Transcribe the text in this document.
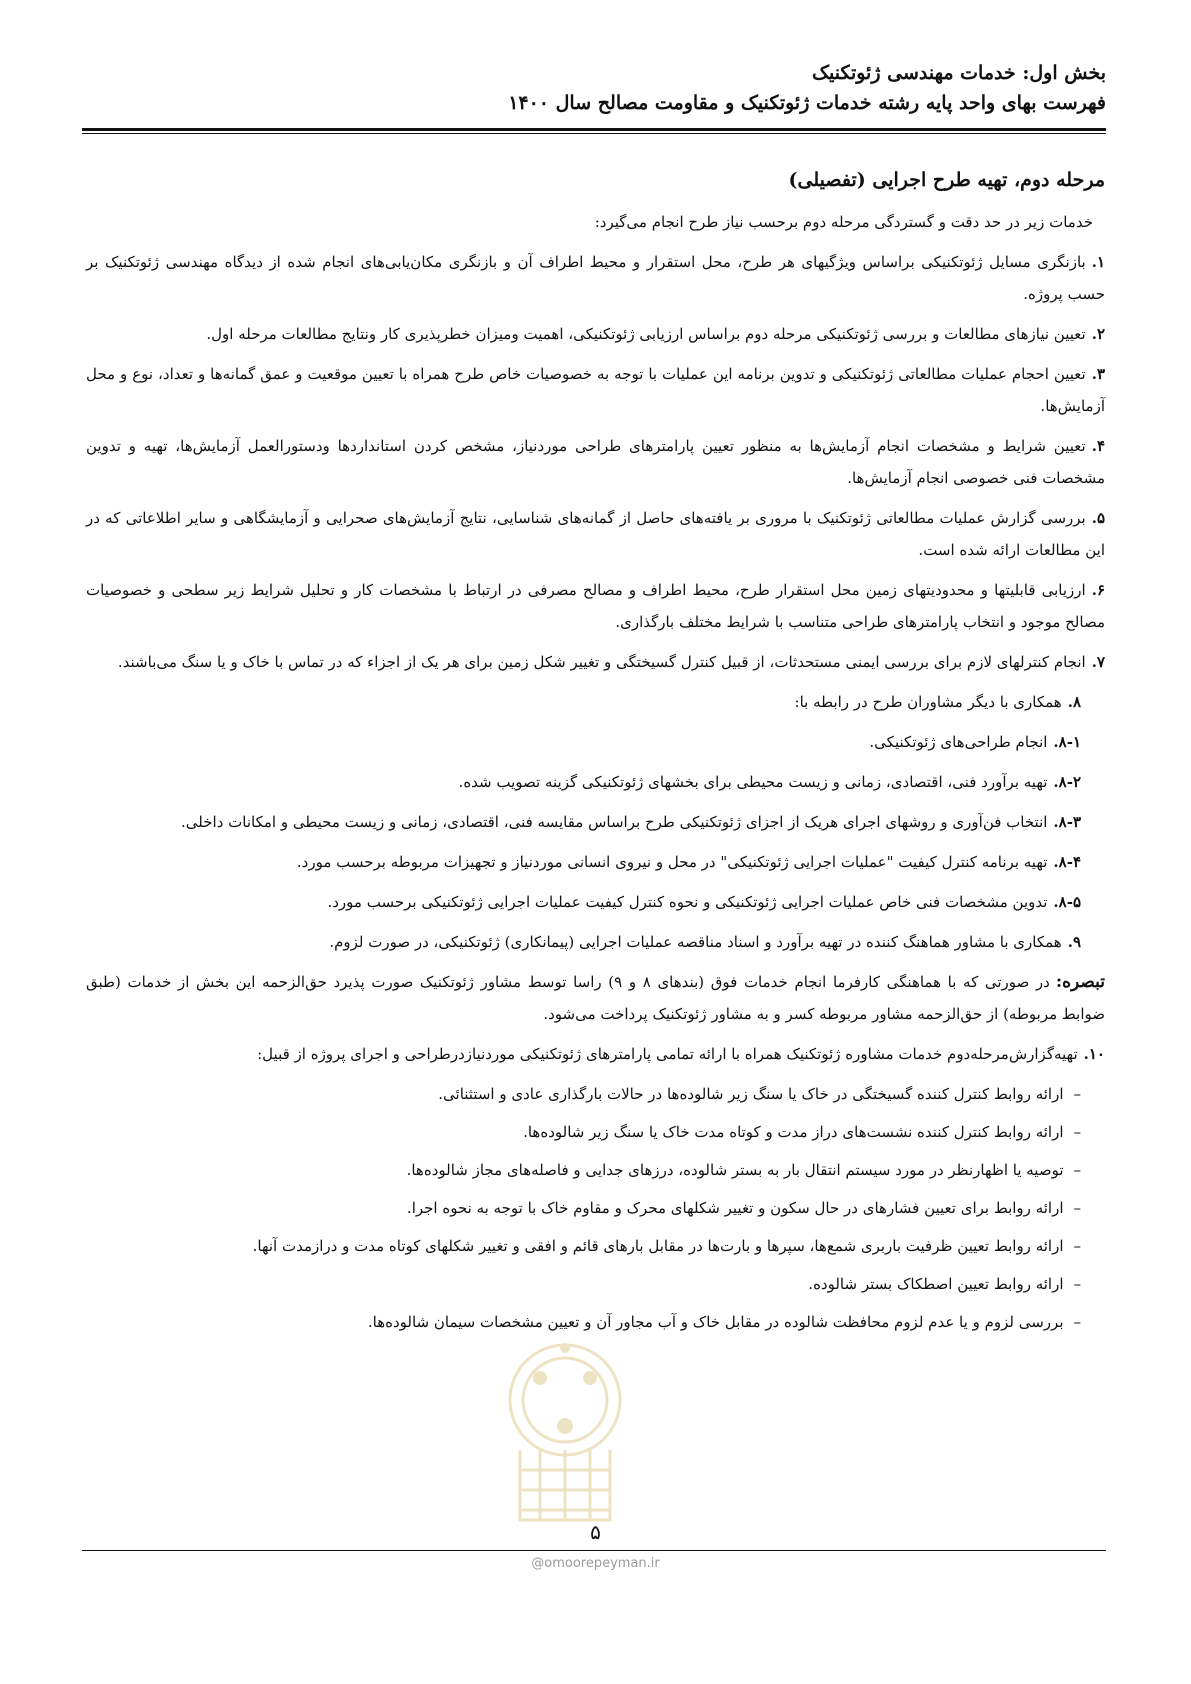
بخش اول: خدمات مهندسی ژئوتکنیک
فهرست بهای واحد پایه رشته خدمات ژئوتکنیک و مقاومت مصالح سال ۱۴۰۰
مرحله دوم، تهیه طرح اجرایی (تفصیلی)

خدمات زیر در حد دقت و گستردگی مرحله دوم برحسب نیاز طرح انجام می‌گیرد:

۱.بازنگری مسایل ژئوتکنیکی براساس ویژگیهای هر طرح، محل استقرار و محیط اطراف آن و بازنگری مکان‌یابی‌های انجام شده از دیدگاه مهندسی ژئوتکنیک بر حسب پروژه.

۲.تعیین نیازهای مطالعات و بررسی ژئوتکنیکی مرحله دوم براساس ارزیابی ژئوتکنیکی، اهمیت ومیزان خطرپذیری کار ونتایج مطالعات مرحله اول.

۳.تعیین احجام عملیات مطالعاتی ژئوتکنیکی و تدوین برنامه این عملیات با توجه به خصوصیات خاص طرح همراه با تعیین موقعیت و عمق گمانه‌ها و تعداد، نوع و محل آزمایش‌ها.

۴.تعیین شرایط و مشخصات انجام آزمایش‌ها به منظور تعیین پارامترهای طراحی موردنیاز، مشخص کردن استانداردها ودستورالعمل آزمایش‌ها، تهیه و تدوین مشخصات فنی خصوصی انجام آزمایش‌ها.

۵.بررسی گزارش عملیات مطالعاتی ژئوتکنیک با مروری بر یافته‌های حاصل از گمانه‌های شناسایی، نتایج آزمایش‌های صحرایی و آزمایشگاهی و سایر اطلاعاتی که در این مطالعات ارائه شده است.

۶.ارزیابی قابلیتها و محدودیتهای زمین محل استقرار طرح، محیط اطراف و مصالح مصرفی در ارتباط با مشخصات کار و تحلیل شرایط زیر سطحی و خصوصیات مصالح موجود و انتخاب پارامترهای طراحی متناسب با شرایط مختلف بارگذاری.

۷.انجام کنترلهای لازم برای بررسی ایمنی مستحدثات، از قبیل کنترل گسیختگی و تغییر شکل زمین برای هر یک از اجزاء که در تماس با خاک و یا سنگ می‌باشند.

۸.همکاری با دیگر مشاوران طرح در رابطه با:

۸-۱.انجام طراحی‌های ژئوتکنیکی.

۸-۲.تهیه برآورد فنی، اقتصادی، زمانی و زیست محیطی برای بخشهای ژئوتکنیکی گزینه تصویب شده.

۸-۳.انتخاب فن‌آوری و روشهای اجرای هریک از اجزای ژئوتکنیکی طرح براساس مقایسه فنی، اقتصادی، زمانی و زیست محیطی و امکانات داخلی.

۸-۴.تهیه برنامه کنترل کیفیت "عملیات اجرایی ژئوتکنیکی" در محل و نیروی انسانی موردنیاز و تجهیزات مربوطه برحسب مورد.

۸-۵.تدوین مشخصات فنی خاص عملیات اجرایی ژئوتکنیکی و نحوه کنترل کیفیت عملیات اجرایی ژئوتکنیکی برحسب مورد.

۹.همکاری با مشاور هماهنگ کننده در تهیه برآورد و اسناد مناقصه عملیات اجرایی (پیمانکاری) ژئوتکنیکی، در صورت لزوم.

تبصره:در صورتی که با هماهنگی کارفرما انجام خدمات فوق (بندهای ۸ و ۹) راسا توسط مشاور ژئوتکنیک صورت پذیرد حق‌الزحمه این بخش از خدمات (طبق ضوابط مربوطه) از حق‌الزحمه مشاور مربوطه کسر و به مشاور ژئوتکنیک پرداخت می‌شود.

۱۰.تهیه‌گزارش‌مرحله‌دوم خدمات مشاوره ژئوتکنیک همراه با ارائه تمامی پارامترهای ژئوتکنیکی موردنیازدرطراحی و اجرای پروژه از قبیل:

–ارائه روابط کنترل کننده گسیختگی در خاک یا سنگ زیر شالوده‌ها در حالات بارگذاری عادی و استثنائی.
–ارائه روابط کنترل کننده نشست‌های دراز مدت و کوتاه مدت خاک یا سنگ زیر شالوده‌ها.
–توصیه یا اظهارنظر در مورد سیستم انتقال بار به بستر شالوده، درزهای جدایی و فاصله‌های مجاز شالوده‌ها.
–ارائه روابط برای تعیین فشارهای در حال سکون و تغییر شکلهای محرک و مقاوم خاک با توجه به نحوه اجرا.
–ارائه روابط تعیین ظرفیت باربری شمع‌ها، سپرها و بارت‌ها در مقابل بارهای قائم و افقی و تغییر شکلهای کوتاه مدت و درازمدت آنها.
–ارائه روابط تعیین اصطکاک بستر شالوده.
–بررسی لزوم و یا عدم لزوم محافظت شالوده در مقابل خاک و آب مجاور آن و تعیین مشخصات سیمان شالوده‌ها.
۵
@omoorepeyman.ir
